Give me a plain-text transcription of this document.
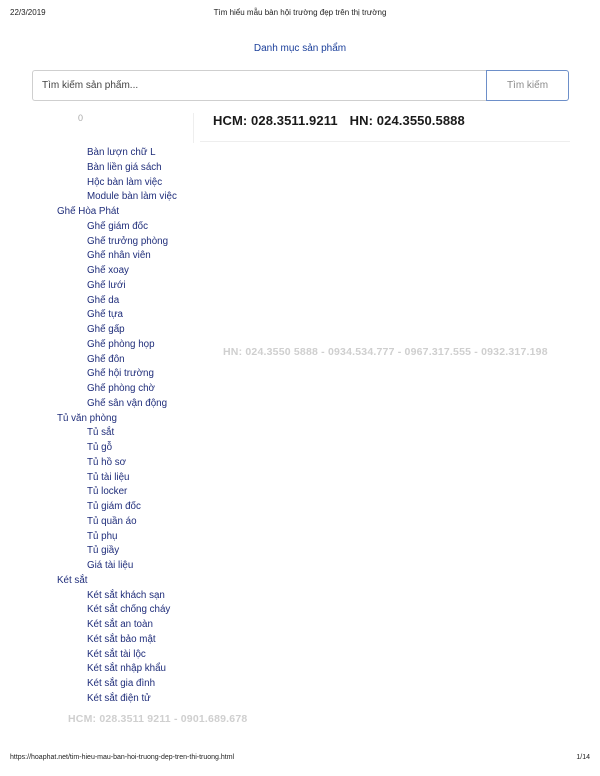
22/3/2019	Tìm hiểu mẫu bàn hội trường đẹp trên thị trường
Danh mục sản phẩm
Tìm kiếm sản phẩm...
Tìm kiếm
0	HCM: 028.3511.9211 HN: 024.3550.5888
Bàn lượn chữ L
Bàn liền giá sách
Hộc bàn làm việc
Module bàn làm việc
Ghế Hòa Phát
Ghế giám đốc
Ghế trưởng phòng
Ghế nhân viên
Ghế xoay
Ghế lưới
Ghế da
Ghế tựa
Ghế gấp
Ghế phòng họp
Ghế đôn
Ghế hội trường
Ghế phòng chờ
Ghế sân vận động
Tủ văn phòng
Tủ sắt
Tủ gỗ
Tủ hồ sơ
Tủ tài liệu
Tủ locker
Tủ giám đốc
Tủ quần áo
Tủ phụ
Tủ giầy
Giá tài liệu
Két sắt
Két sắt khách sạn
Két sắt chống cháy
Két sắt an toàn
Két sắt bảo mật
Két sắt tài lộc
Két sắt nhập khẩu
Két sắt gia đình
Két sắt điện tử
HN: 024.3550 5888 - 0934.534.777 - 0967.317.555 - 0932.317.198
HCM: 028.3511 9211 - 0901.689.678
https://hoaphat.net/tim-hieu-mau-ban-hoi-truong-dep-tren-thi-truong.html	1/14
